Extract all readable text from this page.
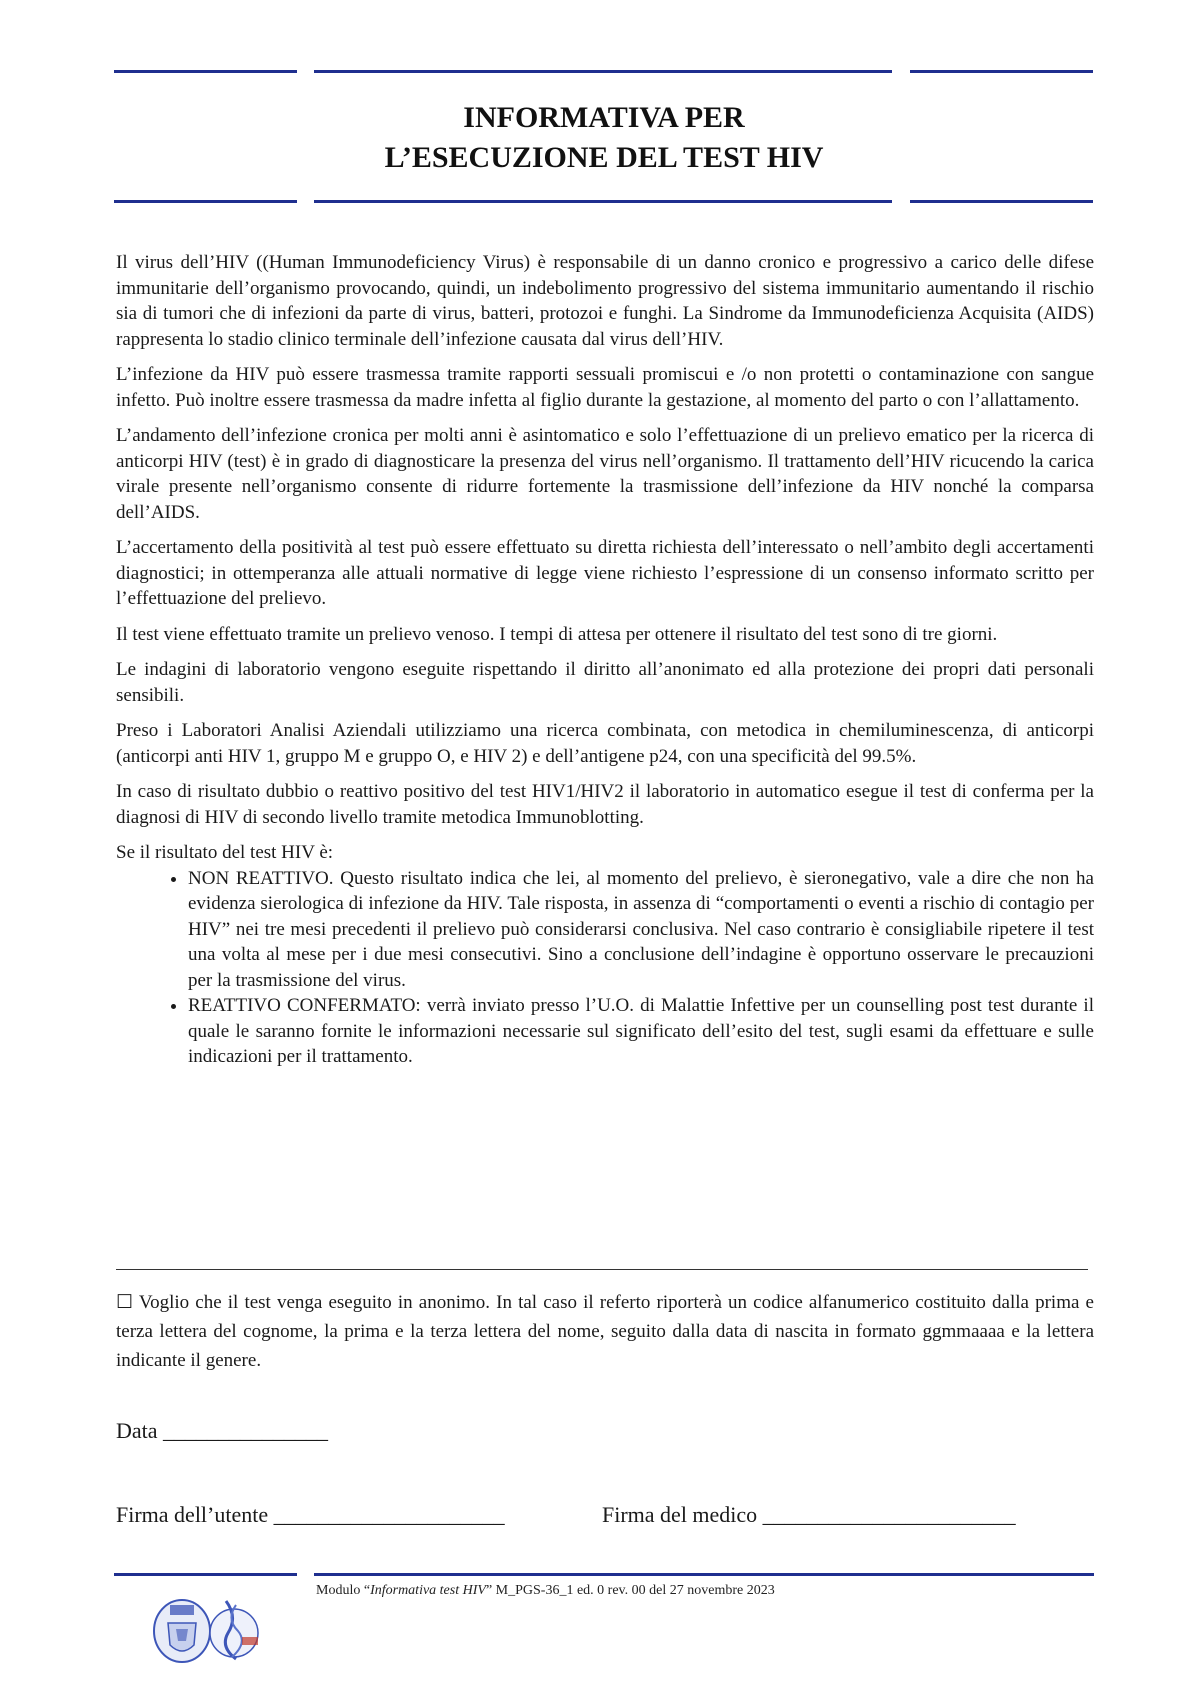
INFORMATIVA PER
L’ESECUZIONE DEL TEST HIV

Il virus dell’HIV ((Human Immunodeficiency Virus) è responsabile di un danno cronico e progressivo a carico delle difese immunitarie dell’organismo provocando, quindi, un indebolimento progressivo del sistema immunitario aumentando il rischio sia di tumori che di infezioni da parte di virus, batteri, protozoi e funghi. La Sindrome da Immunodeficienza Acquisita (AIDS) rappresenta lo stadio clinico terminale dell’infezione causata dal virus dell’HIV.

L’infezione da HIV può essere trasmessa tramite rapporti sessuali promiscui e /o non protetti o contaminazione con sangue infetto. Può inoltre essere trasmessa da madre infetta al figlio durante la gestazione, al momento del parto o con l’allattamento.

L’andamento dell’infezione cronica per molti anni è asintomatico e solo l’effettuazione di un prelievo ematico per la ricerca di anticorpi HIV (test) è in grado di diagnosticare la presenza del virus nell’organismo. Il trattamento dell’HIV ricucendo la carica virale presente nell’organismo consente di ridurre fortemente la trasmissione dell’infezione da HIV nonché la comparsa dell’AIDS.

L’accertamento della positività al test può essere effettuato su diretta richiesta dell’interessato o nell’ambito degli accertamenti diagnostici; in ottemperanza alle attuali normative di legge viene richiesto l’espressione di un consenso informato scritto per l’effettuazione del prelievo.

Il test viene effettuato tramite un prelievo venoso. I tempi di attesa per ottenere il risultato del test sono di tre giorni.

Le indagini di laboratorio vengono eseguite rispettando il diritto all’anonimato ed alla protezione dei propri dati personali sensibili.

Preso i Laboratori Analisi Aziendali utilizziamo una ricerca combinata, con metodica in chemiluminescenza, di anticorpi (anticorpi anti HIV 1, gruppo M e gruppo O, e HIV 2) e dell’antigene p24, con una specificità del 99.5%.

In caso di risultato dubbio o reattivo positivo del test HIV1/HIV2 il laboratorio in automatico esegue il test di conferma per la diagnosi di HIV di secondo livello tramite metodica Immunoblotting.

Se il risultato del test HIV è:
• NON REATTIVO. Questo risultato indica che lei, al momento del prelievo, è sieronegativo, vale a dire che non ha evidenza sierologica di infezione da HIV. Tale risposta, in assenza di “comportamenti o eventi a rischio di contagio per HIV” nei tre mesi precedenti il prelievo può considerarsi conclusiva. Nel caso contrario è consigliabile ripetere il test una volta al mese per i due mesi consecutivi. Sino a conclusione dell’indagine è opportuno osservare le precauzioni per la trasmissione del virus.
• REATTIVO CONFERMATO: verrà inviato presso l’U.O. di Malattie Infettive per un counselling post test durante il quale le saranno fornite le informazioni necessarie sul significato dell’esito del test, sugli esami da effettuare e sulle indicazioni per il trattamento.
☐ Voglio che il test venga eseguito in anonimo. In tal caso il referto riporterà un codice alfanumerico costituito dalla prima e terza lettera del cognome, la prima e la terza lettera del nome, seguito dalla data di nascita in formato ggmmaaaa e la lettera indicante il genere.
Data _______________
Firma dell’utente _____________________	Firma del medico _______________________
Modulo “Informativa test HIV” M_PGS-36_1 ed. 0 rev. 00 del 27 novembre 2023
